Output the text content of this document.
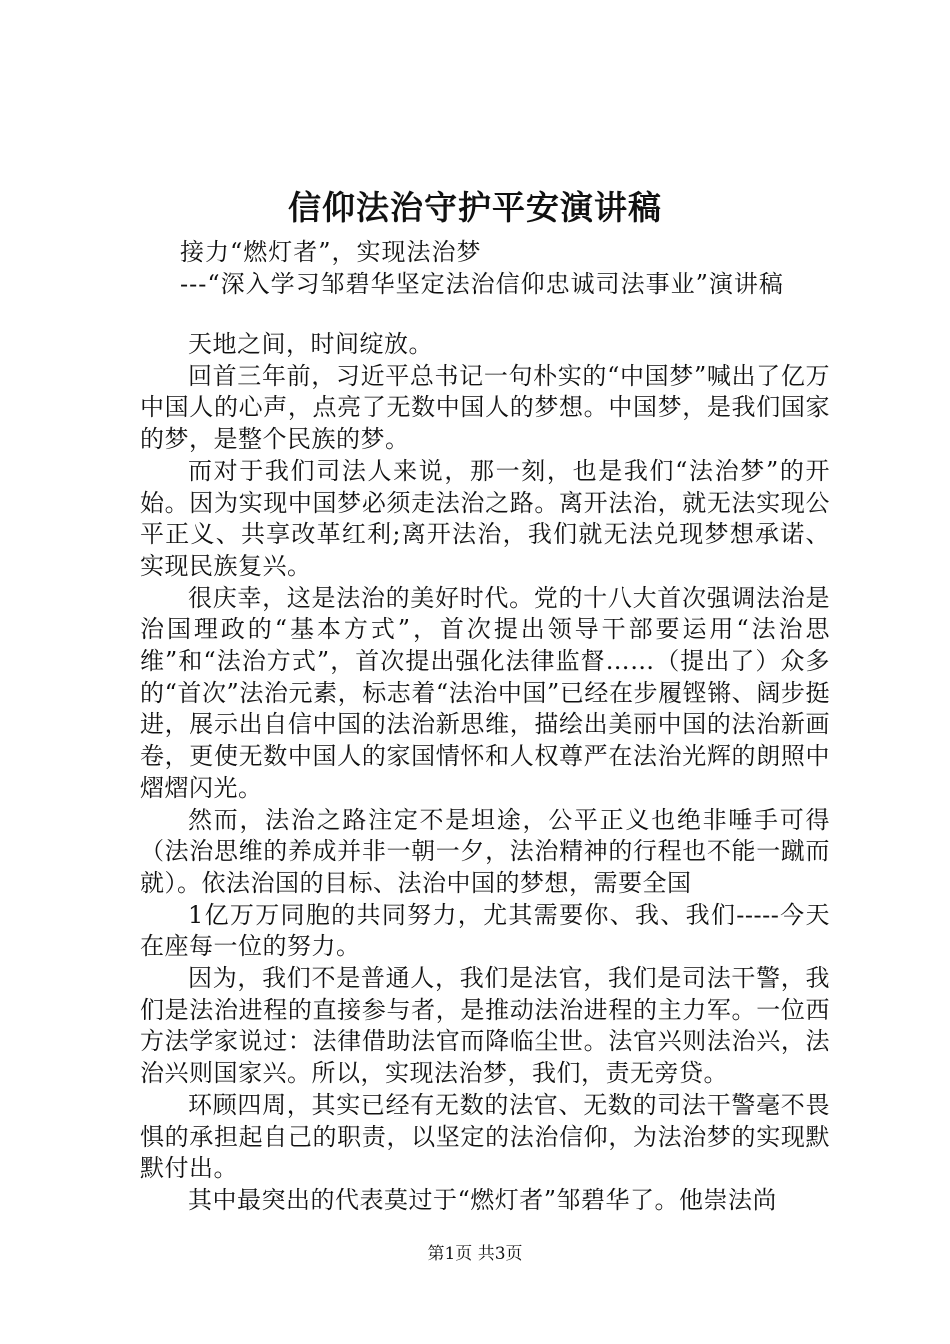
信仰法治守护平安演讲稿
接力“燃灯者”，实现法治梦
---“深入学习邹碧华坚定法治信仰忠诚司法事业”演讲稿

天地之间，时间绽放。

回首三年前，习近平总书记一句朴实的“中国梦”喊出了亿万中国人的心声，点亮了无数中国人的梦想。中国梦，是我们国家的梦，是整个民族的梦。

而对于我们司法人来说，那一刻，也是我们“法治梦”的开始。因为实现中国梦必须走法治之路。离开法治，就无法实现公平正义、共享改革红利;离开法治，我们就无法兑现梦想承诺、实现民族复兴。

很庆幸，这是法治的美好时代。党的十八大首次强调法治是治国理政的“基本方式”，首次提出领导干部要运用“法治思维”和“法治方式”，首次提出强化法律监督……（提出了）众多的“首次”法治元素，标志着“法治中国”已经在步履铿锵、阔步挺进，展示出自信中国的法治新思维，描绘出美丽中国的法治新画卷，更使无数中国人的家国情怀和人权尊严在法治光辉的朗照中熠熠闪光。

然而，法治之路注定不是坦途，公平正义也绝非唾手可得（法治思维的养成并非一朝一夕，法治精神的行程也不能一蹴而就）。依法治国的目标、法治中国的梦想，需要全国

1亿万万同胞的共同努力，尤其需要你、我、我们-----今天在座每一位的努力。

因为，我们不是普通人，我们是法官，我们是司法干警，我们是法治进程的直接参与者，是推动法治进程的主力军。一位西方法学家说过：法律借助法官而降临尘世。法官兴则法治兴，法治兴则国家兴。所以，实现法治梦，我们，责无旁贷。

环顾四周，其实已经有无数的法官、无数的司法干警毫不畏惧的承担起自己的职责，以坚定的法治信仰，为法治梦的实现默默付出。

其中最突出的代表莫过于“燃灯者”邹碧华了。他崇法尚

第1页 共3页
